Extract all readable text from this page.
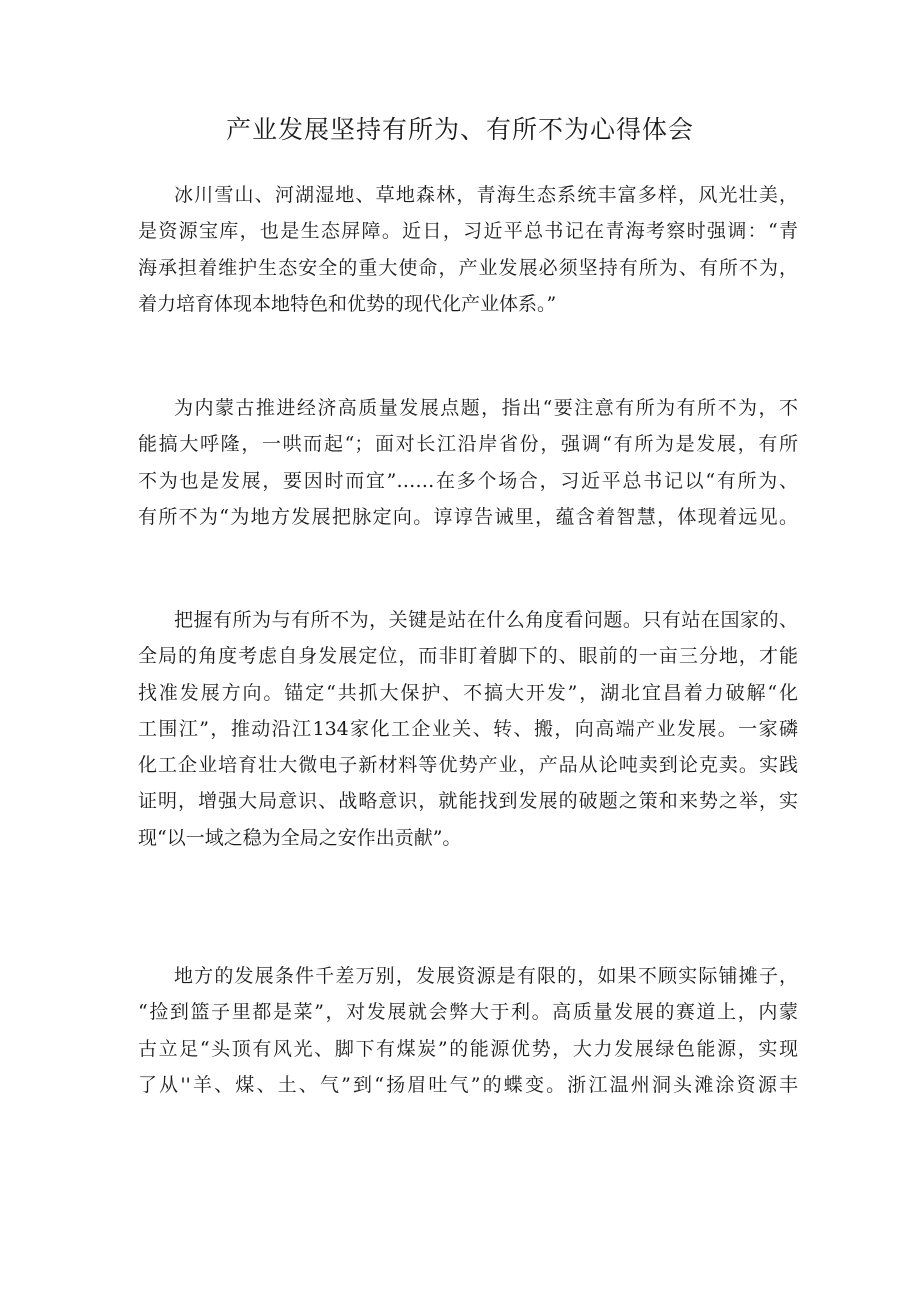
产业发展坚持有所为、有所不为心得体会
冰川雪山、河湖湿地、草地森林，青海生态系统丰富多样，风光壮美，
是资源宝库，也是生态屏障。近日，习近平总书记在青海考察时强调：“青
海承担着维护生态安全的重大使命，产业发展必须坚持有所为、有所不为，
着力培育体现本地特色和优势的现代化产业体系。”
为内蒙古推进经济高质量发展点题，指出“要注意有所为有所不为，不
能搞大呼隆，一哄而起“；面对长江沿岸省份，强调“有所为是发展，有所
不为也是发展，要因时而宜”……在多个场合，习近平总书记以“有所为、
有所不为“为地方发展把脉定向。谆谆告诫里，蕴含着智慧，体现着远见。
把握有所为与有所不为，关键是站在什么角度看问题。只有站在国家的、
全局的角度考虑自身发展定位，而非盯着脚下的、眼前的一亩三分地，才能
找准发展方向。锚定“共抓大保护、不搞大开发”，湖北宜昌着力破解“化
工围江”，推动沿江134家化工企业关、转、搬，向高端产业发展。一家磷
化工企业培育壮大微电子新材料等优势产业，产品从论吨卖到论克卖。实践
证明，增强大局意识、战略意识，就能找到发展的破题之策和来势之举，实
现“以一域之稳为全局之安作出贡献”。
地方的发展条件千差万别，发展资源是有限的，如果不顾实际铺摊子，
“捡到篮子里都是菜”，对发展就会弊大于利。高质量发展的赛道上，内蒙
古立足“头顶有风光、脚下有煤炭”的能源优势，大力发展绿色能源，实现
了从''羊、煤、土、气”到“扬眉吐气”的蝶变。浙江温州洞头滩涂资源丰
